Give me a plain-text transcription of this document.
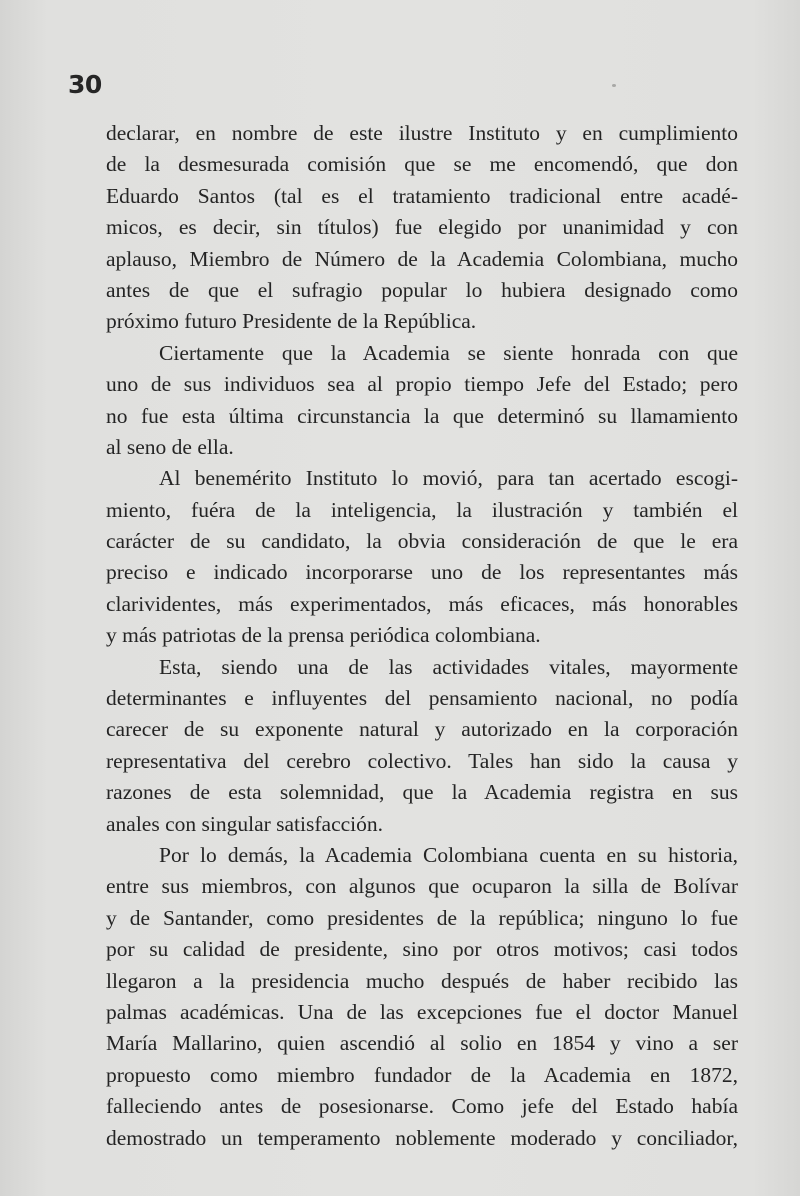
30
declarar, en nombre de este ilustre Instituto y en cumplimiento
de la desmesurada comisión que se me encomendó, que don
Eduardo Santos (tal es el tratamiento tradicional entre acadé-
micos, es decir, sin títulos) fue elegido por unanimidad y con
aplauso, Miembro de Número de la Academia Colombiana, mucho
antes de que el sufragio popular lo hubiera designado como
próximo futuro Presidente de la República.
Ciertamente que la Academia se siente honrada con que
uno de sus individuos sea al propio tiempo Jefe del Estado; pero
no fue esta última circunstancia la que determinó su llamamiento
al seno de ella.
Al benemérito Instituto lo movió, para tan acertado escogi-
miento, fuéra de la inteligencia, la ilustración y también el
carácter de su candidato, la obvia consideración de que le era
preciso e indicado incorporarse uno de los representantes más
clarividentes, más experimentados, más eficaces, más honorables
y más patriotas de la prensa periódica colombiana.
Esta, siendo una de las actividades vitales, mayormente
determinantes e influyentes del pensamiento nacional, no podía
carecer de su exponente natural y autorizado en la corporación
representativa del cerebro colectivo. Tales han sido la causa y
razones de esta solemnidad, que la Academia registra en sus
anales con singular satisfacción.
Por lo demás, la Academia Colombiana cuenta en su historia,
entre sus miembros, con algunos que ocuparon la silla de Bolívar
y de Santander, como presidentes de la república; ninguno lo fue
por su calidad de presidente, sino por otros motivos; casi todos
llegaron a la presidencia mucho después de haber recibido las
palmas académicas. Una de las excepciones fue el doctor Manuel
María Mallarino, quien ascendió al solio en 1854 y vino a ser
propuesto como miembro fundador de la Academia en 1872,
falleciendo antes de posesionarse. Como jefe del Estado había
demostrado un temperamento noblemente moderado y conciliador,
